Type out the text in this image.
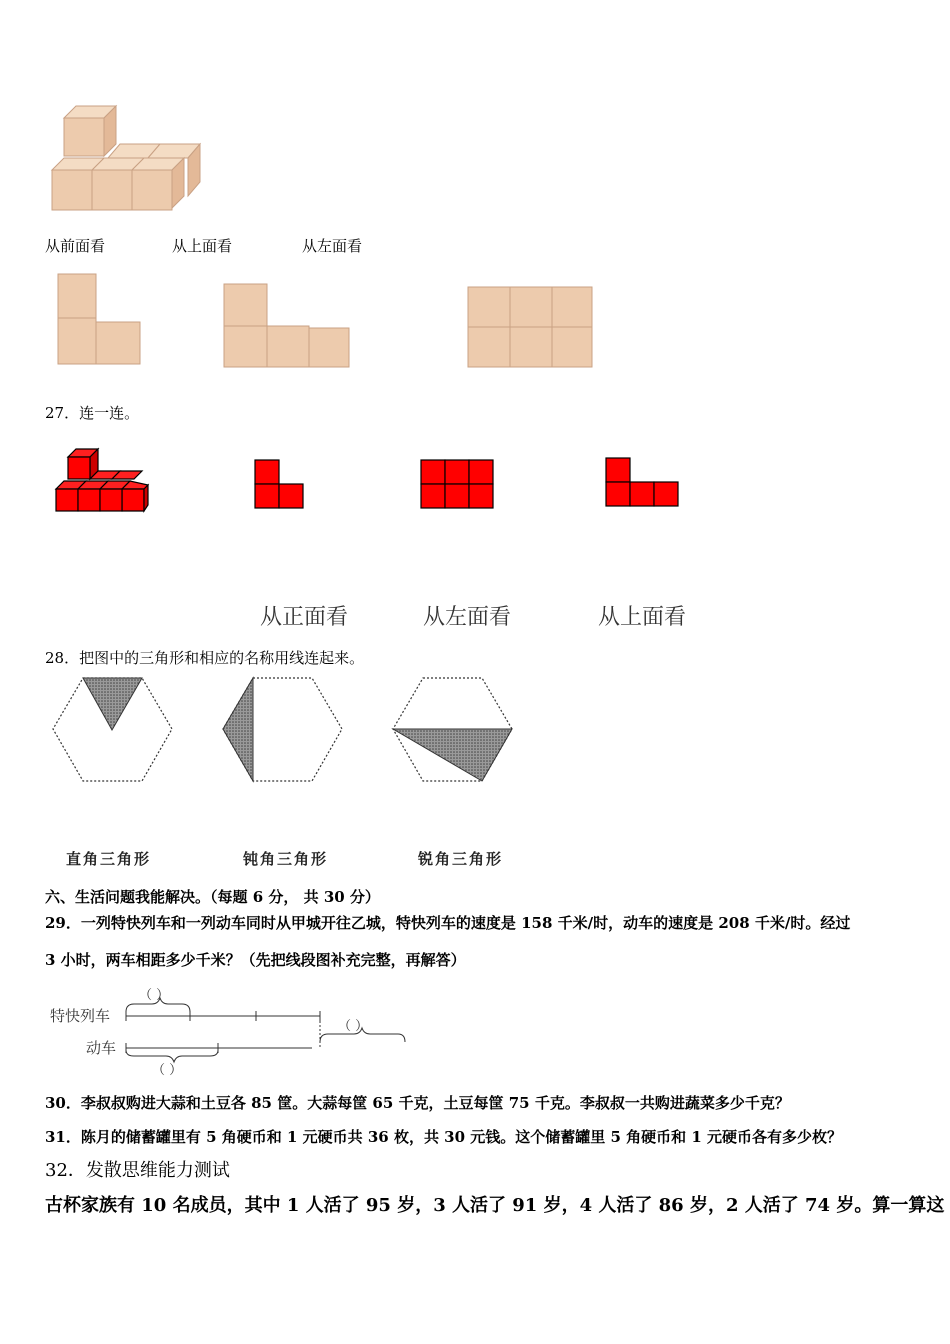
从前面看	从上面看	从左面看
27．连一连。
从正面看	从左面看	从上面看
28．把图中的三角形和相应的名称用线连起来。
直角三角形	钝角三角形	锐角三角形
六、生活问题我能解决。（每题 6 分， 共 30 分）
29．一列特快列车和一列动车同时从甲城开往乙城，特快列车的速度是 158 千米/时，动车的速度是 208 千米/时。经过
3 小时，两车相距多少千米？（先把线段图补充完整，再解答）
特快列车
动车
（ ）
（ ）
（ ）
30．李叔叔购进大蒜和土豆各 85 筐。大蒜每筐 65 千克，土豆每筐 75 千克。李叔叔一共购进蔬菜多少千克？
31．陈月的储蓄罐里有 5 角硬币和 1 元硬币共 36 枚，共 30 元钱。这个储蓄罐里 5 角硬币和 1 元硬币各有多少枚？
32．发散思维能力测试
古杯家族有 10 名成员，其中 1 人活了 95 岁，3 人活了 91 岁，4 人活了 86 岁，2 人活了 74 岁。算一算这
